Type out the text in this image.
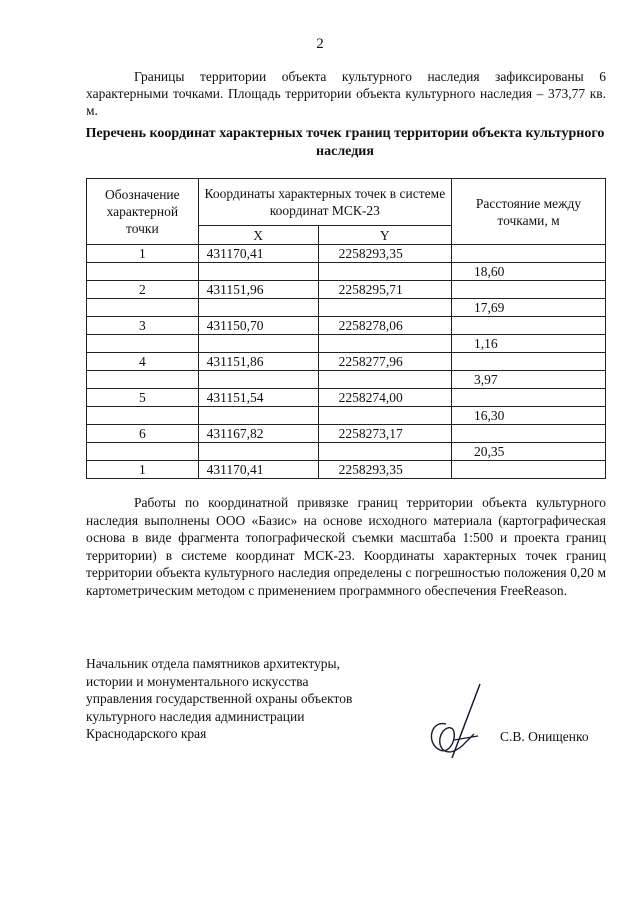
2
Границы территории объекта культурного наследия зафиксированы 6 характерными точками. Площадь территории объекта культурного наследия – 373,77 кв. м.
Перечень координат характерных точек границ территории объекта культурного наследия
Обозначение характерной точки	Координаты характерных точек в системе координат МСК-23		Расстояние между точками, м
	X	Y	
1	431170,41	2258293,35	
			18,60
2	431151,96	2258295,71	
			17,69
3	431150,70	2258278,06	
			1,16
4	431151,86	2258277,96	
			3,97
5	431151,54	2258274,00	
			16,30
6	431167,82	2258273,17	
			20,35
1	431170,41	2258293,35	
Работы по координатной привязке границ территории объекта культурного наследия выполнены ООО «Базис» на основе исходного материала (картографическая основа в виде фрагмента топографической съемки масштаба 1:500 и проекта границ территории) в системе координат МСК-23. Координаты характерных точек границ территории объекта культурного наследия определены с погрешностью положения 0,20 м картометрическим методом с применением программного обеспечения FreeReason.
Начальник отдела памятников архитектуры,
истории и монументального искусства
управления государственной охраны объектов
культурного наследия администрации
Краснодарского края	С.В. Онищенко
